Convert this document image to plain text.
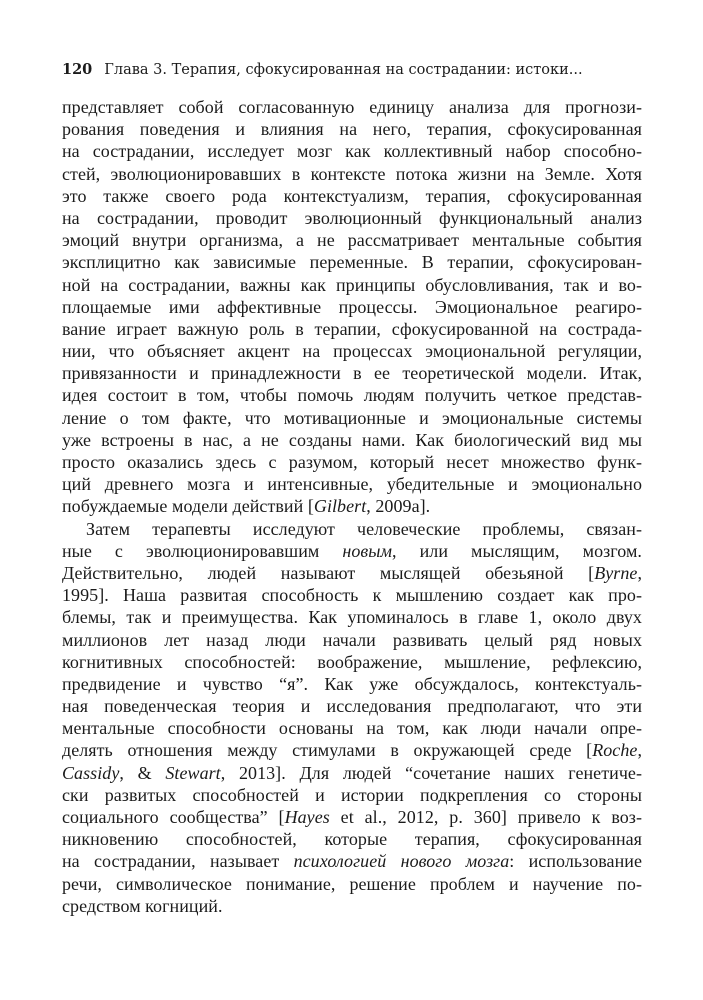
120 Глава 3. Терапия, сфокусированная на сострадании: истоки...
представляет собой согласованную единицу анализа для прогнози-
рования поведения и влияния на него, терапия, сфокусированная
на сострадании, исследует мозг как коллективный набор способно-
стей, эволюционировавших в контексте потока жизни на Земле. Хотя
это также своего рода контекстуализм, терапия, сфокусированная
на сострадании, проводит эволюционный функциональный анализ
эмоций внутри организма, а не рассматривает ментальные события
эксплицитно как зависимые переменные. В терапии, сфокусирован-
ной на сострадании, важны как принципы обусловливания, так и во-
площаемые ими аффективные процессы. Эмоциональное реагиро-
вание играет важную роль в терапии, сфокусированной на сострада-
нии, что объясняет акцент на процессах эмоциональной регуляции,
привязанности и принадлежности в ее теоретической модели. Итак,
идея состоит в том, чтобы помочь людям получить четкое представ-
ление о том факте, что мотивационные и эмоциональные системы
уже встроены в нас, а не созданы нами. Как биологический вид мы
просто оказались здесь с разумом, который несет множество функ-
ций древнего мозга и интенсивные, убедительные и эмоционально
побуждаемые модели действий [Gilbert, 2009a].
Затем терапевты исследуют человеческие проблемы, связан-
ные с эволюционировавшим новым, или мыслящим, мозгом.
Действительно, людей называют мыслящей обезьяной [Byrne,
1995]. Наша развитая способность к мышлению создает как про-
блемы, так и преимущества. Как упоминалось в главе 1, около двух
миллионов лет назад люди начали развивать целый ряд новых
когнитивных способностей: воображение, мышление, рефлексию,
предвидение и чувство “я”. Как уже обсуждалось, контекстуаль-
ная поведенческая теория и исследования предполагают, что эти
ментальные способности основаны на том, как люди начали опре-
делять отношения между стимулами в окружающей среде [Roche,
Cassidy, & Stewart, 2013]. Для людей “сочетание наших генетиче-
ски развитых способностей и истории подкрепления со стороны
социального сообщества” [Hayes et al., 2012, p. 360] привело к воз-
никновению способностей, которые терапия, сфокусированная
на сострадании, называет психологией нового мозга: использование
речи, символическое понимание, решение проблем и научение по-
средством когниций.
